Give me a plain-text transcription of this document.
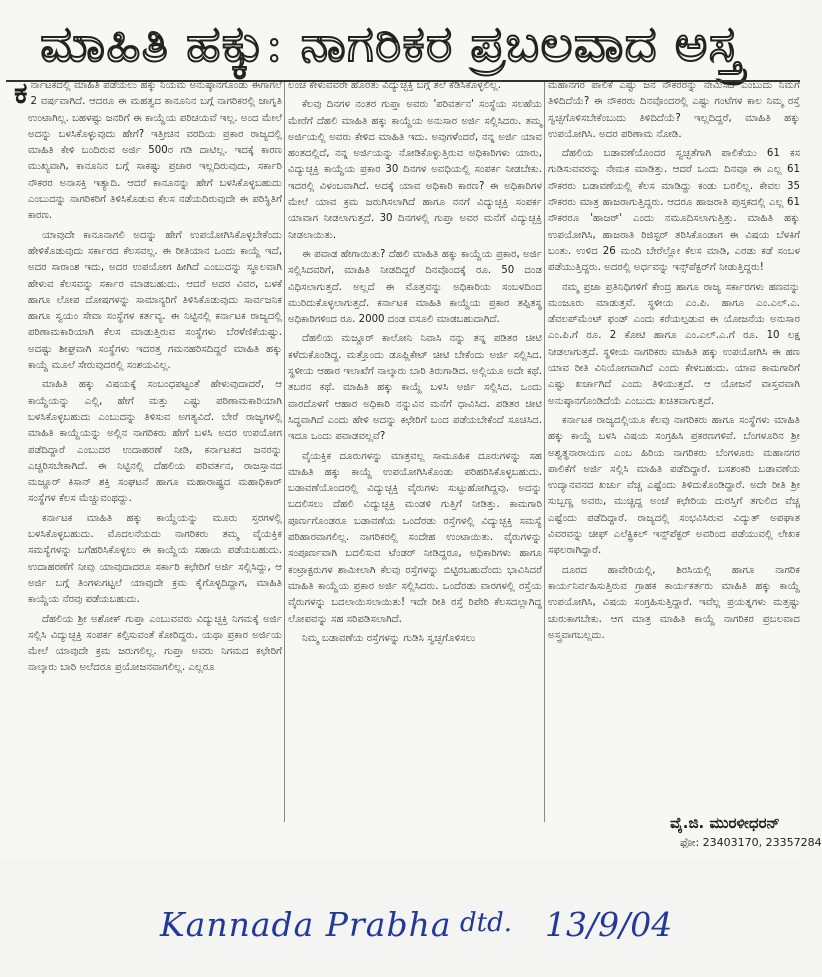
ಮಾಹಿತಿ ಹಕ್ಕು: ನಾಗರಿಕರ ಪ್ರಬಲವಾದ ಅಸ್ತ್ರ

ಕರ್ನಾಟಕದಲ್ಲಿ ಮಾಹಿತಿ ಪಡೆಯಲು ಹಕ್ಕು ನಿಯಮ ಅನುಷ್ಠಾನಗೊಂಡು ಈಗಾಗಲೆ 2 ವರ್ಷವಾಗಿದೆ. ಆದರೂ ಈ ಮಹತ್ವದ ಕಾನೂನಿನ ಬಗ್ಗೆ ನಾಗರಿಕರಲ್ಲಿ ಜಾಗೃತಿ ಉಂಟಾಗಿಲ್ಲ. ಬಹಳಷ್ಟು ಜನರಿಗೆ ಈ ಕಾಯ್ದೆಯ ಪರಿಚಯವೆ ಇಲ್ಲ. ಅಂದ ಮೇಲೆ ಅದನ್ನು ಬಳಸಿಕೊಳ್ಳುವುದು ಹೇಗೆ? ಇತ್ತೀಚಿನ ವರದಿಯ ಪ್ರಕಾರ ರಾಜ್ಯದಲ್ಲಿ ಮಾಹಿತಿ ಕೇಳಿ ಬಂದಿರುವ ಅರ್ಜಿ 500ರ ಗಡಿ ದಾಟಿಲ್ಲ. ಇದಕ್ಕೆ ಕಾರಣ ಮುಖ್ಯವಾಗಿ, ಕಾನೂನಿನ ಬಗ್ಗೆ ಸಾಕಷ್ಟು ಪ್ರಚಾರ ಇಲ್ಲದಿರುವುದು, ಸರ್ಕಾರಿ ನೌಕರರ ಅನಾಸಕ್ತಿ ಇತ್ಯಾದಿ. ಆದರೆ ಕಾನೂನನ್ನು ಹೇಗೆ ಬಳಸಿಕೊಳ್ಳಬಹುದು ಎಂಬುದನ್ನು ನಾಗರಿಕರಿಗೆ ತಿಳಿಸಿಕೊಡುವ ಕೆಲಸ ನಡೆಯದಿರುವುದೇ ಈ ಪರಿಸ್ಥಿತಿಗೆ ಕಾರಣ.

ಯಾವುದೇ ಕಾನೂನಾಗಲಿ ಅದನ್ನು ಹೇಗೆ ಉಪಯೋಗಿಸಿಕೊಳ್ಳಬೇಕೆಂದು ಹೇಳಿಕೊಡುವುದು ಸರ್ಕಾರದ ಕೆಲಸವಲ್ಲ. ಈ ರೀತಿಯಾನ ಒಂದು ಕಾಯ್ದೆ ಇದೆ, ಅದರ ಸಾರಾಂಶ ಇದು, ಅದರ ಉಪಯೋಗ ಹೀಗಿದೆ ಎಂಬುದನ್ನು ಸ್ಥೂಲವಾಗಿ ಹೇಳುವ ಕೆಲಸವನ್ನು ಸರ್ಕಾರ ಮಾಡಬಹುದು. ಆದರೆ ಅದರ ವಿವರ, ಬಳಕೆ ಹಾಗೂ ಲೋಪ ದೋಷಗಳನ್ನು ಸಾಮಾನ್ಯರಿಗೆ ತಿಳಿಸಿಕೊಡುವುದು ಸಾರ್ವಜನಿಕ ಹಾಗೂ ಸ್ವಯಂ ಸೇವಾ ಸಂಸ್ಥೆಗಳ ಕರ್ತವ್ಯ. ಈ ನಿಟ್ಟಿನಲ್ಲಿ ಕರ್ನಾಟಕ ರಾಜ್ಯದಲ್ಲಿ ಪರಿಣಾಮಕಾರಿಯಾಗಿ ಕೆಲಸ ಮಾಡುತ್ತಿರುವ ಸಂಸ್ಥೆಗಳು ಬೆರಳೆಣಿಕೆಯಷ್ಟು. ಅದಷ್ಟು ಶೀಘ್ರವಾಗಿ ಸಂಸ್ಥೆಗಳು ಇದರತ್ತ ಗಮನಹರಿಸದಿದ್ದರೆ ಮಾಹಿತಿ ಹಕ್ಕು ಕಾಯ್ದೆ ಮೂಲೆ ಸೇರುವುದರಲ್ಲಿ ಸಂಶಯವಿಲ್ಲ.

ಮಾಹಿತಿ ಹಕ್ಕು ವಿಷಯಕ್ಕೆ ಸಂಬಂಧಪಟ್ಟಂತೆ ಹೇಳುವುದಾದರೆ, ಆ ಕಾಯ್ದೆಯನ್ನು ಎಲ್ಲಿ, ಹೇಗೆ ಮತ್ತು ಎಷ್ಟು ಪರಿಣಾಮಕಾರಿಯಾಗಿ ಬಳಸಿಕೊಳ್ಳಬಹುದು ಎಂಬುದನ್ನು ತಿಳಿಸುವ ಅಗತ್ಯವಿದೆ. ಬೇರೆ ರಾಜ್ಯಗಳಲ್ಲಿ ಮಾಹಿತಿ ಕಾಯ್ದೆಯನ್ನು ಅಲ್ಲಿನ ನಾಗರಿಕರು ಹೇಗೆ ಬಳಸಿ ಅದರ ಉಪಯೋಗ ಪಡೆದಿದ್ದಾರೆ ಎಂಬುದರ ಉದಾಹರಣೆ ನೀಡಿ, ಕರ್ನಾಟಕದ ಜನರನ್ನು ಎಚ್ಚರಿಸಬೇಕಾಗಿದೆ. ಈ ನಿಟ್ಟಿನಲ್ಲಿ ದೆಹಲಿಯ ಪರಿವರ್ತನ, ರಾಜಸ್ತಾನದ ಮಜ್ದೂರ್ ಕಿಸಾನ್ ಶಕ್ತಿ ಸಂಘಟನೆ ಹಾಗೂ ಮಹಾರಾಷ್ಟ್ರದ ಮಹಾಧಿಕಾರ್ ಸಂಸ್ಥೆಗಳ ಕೆಲಸ ಮೆಚ್ಚುವಂಥದ್ದು.

ಕರ್ನಾಟಕ ಮಾಹಿತಿ ಹಕ್ಕು ಕಾಯ್ದೆಯನ್ನು ಮೂರು ಸ್ತರಗಳಲ್ಲಿ ಬಳಸಿಕೊಳ್ಳಬಹುದು. ಮೊದಲನೆಯದು ನಾಗರಿಕರು ತಮ್ಮ ವೈಯಕ್ತಿಕ ಸಮಸ್ಯೆಗಳನ್ನು ಬಗೆಹರಿಸಿಕೊಳ್ಳಲು ಈ ಕಾಯ್ದೆಯ ಸಹಾಯ ಪಡೆಯಬಹುದು. ಉದಾಹರಣೆಗೆ ನೀವು ಯಾವುದಾದರೂ ಸರ್ಕಾರಿ ಕಛೇರಿಗೆ ಅರ್ಜಿ ಸಲ್ಲಿಸಿದ್ದು, ಆ ಅರ್ಜಿ ಬಗ್ಗೆ ತಿಂಗಳುಗಟ್ಟಲೆ ಯಾವುದೇ ಕ್ರಮ ಕೈಗೊಳ್ಳದಿದ್ದಾಗ, ಮಾಹಿತಿ ಕಾಯ್ದೆಯ ನೆರವು ಪಡೆಯಬಹುದು.

ದೆಹಲಿಯ ಶ್ರೀ ಅಶೋಕ್ ಗುಪ್ತಾ ಎಂಬುವವರು ವಿದ್ಯುಚ್ಛಕ್ತಿ ನಿಗಮಕ್ಕೆ ಅರ್ಜಿ ಸಲ್ಲಿಸಿ ವಿದ್ಯುಚ್ಛಕ್ತಿ ಸಂಪರ್ಕ ಕಲ್ಪಿಸುವಂತೆ ಕೋರಿದ್ದರು. ಯಥಾ ಪ್ರಕಾರ ಅರ್ಜಿಯ ಮೇಲೆ ಯಾವುದೇ ಕ್ರಮ ಜರುಗಲಿಲ್ಲ. ಗುಪ್ತಾ ಅವರು ನಿಗಮದ ಕಛೇರಿಗೆ ನಾಲ್ಕಾರು ಬಾರಿ ಅಲೆದರೂ ಪ್ರಯೋಜನವಾಗಲಿಲ್ಲ. ಎಲ್ಲರೂ

ಲಂಚ ಕೇಳುವವರೇ ಹೊರತು ವಿದ್ಯುಚ್ಛಕ್ತಿ ಬಗ್ಗೆ ತಲೆ ಕೆಡಿಸಿಕೊಳ್ಳಲಿಲ್ಲ.

ಕೆಲವು ದಿನಗಳ ನಂತರ ಗುಪ್ತಾ ಅವರು 'ಪರಿವರ್ತನ' ಸಂಸ್ಥೆಯ ಸಲಹೆಯ ಮೇರೆಗೆ ದೆಹಲಿ ಮಾಹಿತಿ ಹಕ್ಕು ಕಾಯ್ದೆಯ ಅನುಸಾರ ಅರ್ಜಿ ಸಲ್ಲಿಸಿದರು. ತಮ್ಮ ಅರ್ಜಿಯಲ್ಲಿ ಅವರು ಕೇಳಿದ ಮಾಹಿತಿ ಇದು. ಅವುಗಳೆಂದರೆ, ನನ್ನ ಅರ್ಜಿ ಯಾವ ಹಂತದಲ್ಲಿದೆ, ನನ್ನ ಅರ್ಜಿಯನ್ನು ನೋಡಿಕೊಳ್ಳುತ್ತಿರುವ ಅಧಿಕಾರಿಗಳು ಯಾರು, ವಿದ್ಯುಚ್ಛಕ್ತಿ ಕಾಯ್ದೆಯ ಪ್ರಕಾರ 30 ದಿನಗಳ ಅವಧಿಯಲ್ಲಿ ಸಂಪರ್ಕ ನೀಡಬೇಕು. ಇದರಲ್ಲಿ ವಿಳಂಬವಾಗಿದೆ. ಅದಕ್ಕೆ ಯಾವ ಅಧಿಕಾರಿ ಕಾರಣ? ಈ ಅಧಿಕಾರಿಗಳ ಮೇಲೆ ಯಾವ ಕ್ರಮ ಜರುಗಿಸಲಾಗಿದೆ ಹಾಗೂ ನನಗೆ ವಿದ್ಯುಚ್ಛಕ್ತಿ ಸಂಪರ್ಕ ಯಾವಾಗ ನೀಡಲಾಗುತ್ತದೆ. 30 ದಿನಗಳಲ್ಲಿ ಗುಪ್ತಾ ಅವರ ಮನೆಗೆ ವಿದ್ಯುಚ್ಛಕ್ತಿ ನೀಡಲಾಯಿತು.

ಈ ಪವಾಡ ಹೇಗಾಯಿತು? ದೆಹಲಿ ಮಾಹಿತಿ ಹಕ್ಕು ಕಾಯ್ದೆಯ ಪ್ರಕಾರ, ಅರ್ಜಿ ಸಲ್ಲಿಸಿದವರಿಗೆ, ಮಾಹಿತಿ ನೀಡದಿದ್ದರೆ ದಿನವೊಂದಕ್ಕೆ ರೂ. 50 ದಂಡ ವಿಧಿಸಲಾಗುತ್ತದೆ. ಅಲ್ಲದೆ ಈ ಮೊತ್ತವನ್ನು ಅಧಿಕಾರಿಯ ಸಂಬಳದಿಂದ ಮುರಿದುಕೊಳ್ಳಲಾಗುತ್ತದೆ. ಕರ್ನಾಟಕ ಮಾಹಿತಿ ಕಾಯ್ದೆಯ ಪ್ರಕಾರ ತಪ್ಪಿತಸ್ಥ ಅಧಿಕಾರಿಗಳಿಂದ ರೂ. 2000 ದಂಡ ವಸೂಲಿ ಮಾಡಬಹುದಾಗಿದೆ.

ದೆಹಲಿಯ ಮಜ್ದೂರ್ ಕಾಲೋನಿ ನಿವಾಸಿ ನನ್ನು ತನ್ನ ಪಡಿತರ ಚೀಟಿ ಕಳೆದುಕೊಂಡಿದ್ದ. ಮತ್ತೊಂದು ಡೂಪ್ಲಿಕೇಟ್ ಚೀಟಿ ಬೇಕೆಂದು ಅರ್ಜಿ ಸಲ್ಲಿಸಿದ. ಸ್ಥಳೀಯ ಆಹಾರ ಇಲಾಖೆಗೆ ನಾಲ್ಕಾರು ಬಾರಿ ತಿರುಗಾಡಿದ. ಅಲ್ಲಿಯೂ ಅದೇ ಕಥೆ. ತಬರನ ಕಥೆ. ಮಾಹಿತಿ ಹಕ್ಕು ಕಾಯ್ದೆ ಬಳಸಿ ಅರ್ಜಿ ಸಲ್ಲಿಸಿದ. ಒಂದು ವಾರದೊಳಗೆ ಆಹಾರ ಅಧಿಕಾರಿ ನನ್ನುವಿನ ಮನೆಗೆ ಧಾವಿಸಿದ. ಪಡಿತರ ಚೀಟಿ ಸಿದ್ಧವಾಗಿದೆ ಎಂದು ಹೇಳಿ ಅದನ್ನು ಕಛೇರಿಗೆ ಬಂದ ಪಡೆಯಬೇಕೆಂದೆ ಸೂಚಿಸಿದ. ಇದೂ ಒಂದು ಪವಾಡವಲ್ಲವೆ?

ವೈಯಕ್ತಿಕ ದೂರುಗಳನ್ನು ಮಾತ್ರವಲ್ಲ ಸಾಮೂಹಿಕ ದೂರುಗಳನ್ನು ಸಹ ಮಾಹಿತಿ ಹಕ್ಕು ಕಾಯ್ದೆ ಉಪಯೋಗಿಸಿಕೊಂಡು ಪರಿಹರಿಸಿಕೊಳ್ಳಬಹುದು. ಬಡಾವಣೆಯೊಂದರಲ್ಲಿ ವಿದ್ಯುಚ್ಛಕ್ತಿ ವೈರುಗಳು ಸುಟ್ಟುಹೋಗಿದ್ದವು. ಅದನ್ನು ಬದಲಿಸಲು ದೆಹಲಿ ವಿದ್ಯುಚ್ಛಕ್ತಿ ಮಂಡಳಿ ಗುತ್ತಿಗೆ ನೀಡಿತ್ತು. ಕಾಮಗಾರಿ ಪೂರ್ಣಗೊಂಡರೂ ಬಡಾವಣೆಯ ಒಂದೆರಡು ರಸ್ತೆಗಳಲ್ಲಿ ವಿದ್ಯುಚ್ಛಕ್ತಿ ಸಮಸ್ಯೆ ಪರಿಹಾರವಾಗಲಿಲ್ಲ. ನಾಗರಿಕರಲ್ಲಿ ಸಂದೇಹ ಉಂಟಾಯಿತು. ವೈರುಗಳನ್ನು ಸಂಪೂರ್ಣವಾಗಿ ಬದಲಿಸುವ ಟೆಂಡರ್ ನೀಡಿದ್ದರೂ, ಅಧಿಕಾರಿಗಳು ಹಾಗೂ ಕಂಟ್ರಾಕ್ಟರುಗಳ ಶಾಮೀಲಾಗಿ ಕೆಲವು ರಸ್ತೆಗಳನ್ನು ಬಿಟ್ಟಿರಬಹುದೆಂದು ಭಾವಿಸಿದರೆ ಮಾಹಿತಿ ಕಾಯ್ದೆಯ ಪ್ರಕಾರ ಅರ್ಜಿ ಸಲ್ಲಿಸಿದರು. ಒಂದೆರಡು ವಾರಗಳಲ್ಲಿ ರಸ್ತೆಯ ವೈರುಗಳನ್ನು ಬದಲಾಯಿಸಲಾಯಿತು! ಇದೇ ರೀತಿ ರಸ್ತೆ ರಿಪೇರಿ ಕೆಲಸದಲ್ಲಾಗಿದ್ದ ಲೋಪವನ್ನು ಸಹ ಸರಿಪಡಿಸಲಾಗಿದೆ.

ನಿಮ್ಮ ಬಡಾವಣೆಯ ರಸ್ತೆಗಳನ್ನು ಗುಡಿಸಿ ಸ್ವಚ್ಛಗೊಳಿಸಲು

ಮಹಾನಗರ ಪಾಲಿಕೆ ಎಷ್ಟು ಜನ ನೌಕರರನ್ನು ನೇಮಿಸಿದೆ ಎಂಬುದು ನಿಮಗೆ ತಿಳಿದಿದೆಯೆ? ಈ ನೌಕರರು ದಿನವೊಂದರಲ್ಲಿ ಎಷ್ಟು ಗಂಟೆಗಳ ಕಾಲ ನಿಮ್ಮ ರಸ್ತೆ ಸ್ವಚ್ಛಗೊಳಿಸಬೇಕೆಂಬುದು ತಿಳಿದಿದೆಯೆ? ಇಲ್ಲದಿದ್ದರೆ, ಮಾಹಿತಿ ಹಕ್ಕು ಉಪಯೋಗಿಸಿ. ಅದರ ಪರಿಣಾಮ ನೋಡಿ.

ದೆಹಲಿಯ ಬಡಾವಣೆಯೊಂದರ ಸ್ವಚ್ಛತೆಗಾಗಿ ಪಾಲಿಕೆಯು 61 ಕಸ ಗುಡಿಸುವವರನ್ನು ನೇಮಕ ಮಾಡಿತ್ತು. ಆದರೆ ಒಂದು ದಿನವೂ ಈ ಎಲ್ಲ 61 ನೌಕರರು ಬಡಾವಣೆಯಲ್ಲಿ ಕೆಲಸ ಮಾಡಿದ್ದು ಕಂಡು ಬರಲಿಲ್ಲ. ಕೇವಲ 35 ನೌಕರರು ಮಾತ್ರ ಹಾಜರಾಗುತ್ತಿದ್ದರು. ಆದರೂ ಹಾಜರಾತಿ ಪುಸ್ತಕದಲ್ಲಿ ಎಲ್ಲ 61 ನೌಕರರೂ 'ಹಾಜರ್' ಎಂದು ನಮೂದಿಸಲಾಗುತ್ತಿತ್ತು. ಮಾಹಿತಿ ಹಕ್ಕು ಉಪಯೋಗಿಸಿ, ಹಾಜರಾತಿ ರಿಜಿಸ್ಟರ್ ತರಿಸಿಕೊಂಡಾಗ ಈ ವಿಷಯ ಬೆಳಕಿಗೆ ಬಂತು. ಉಳಿದ 26 ಮಂದಿ ಬೇರೆಲ್ಲೋ ಕೆಲಸ ಮಾಡಿ, ಎರಡು ಕಡೆ ಸಂಬಳ ಪಡೆಯುತ್ತಿದ್ದರು. ಅದರಲ್ಲಿ ಅರ್ಧವನ್ನು ಇನ್ಸ್‌ಪೆಕ್ಟರ್‌ಗೆ ನೀಡುತ್ತಿದ್ದರು!

ನಮ್ಮ ಪ್ರಜಾ ಪ್ರತಿನಿಧಿಗಳಿಗೆ ಕೇಂದ್ರ ಹಾಗೂ ರಾಜ್ಯ ಸರ್ಕಾರಗಳು ಹಣವನ್ನು ಮಂಜೂರು ಮಾಡುತ್ತವೆ. ಸ್ಥಳೀಯ ಎಂ.ಪಿ. ಹಾಗೂ ಎಂ.ಎಲ್.ಎ. ಡೆವಲಪ್‌ಮೆಂಟ್ ಫಂಡ್ ಎಂದು ಕರೆಯಲ್ಪಡುವ ಈ ಯೋಜನೆಯ ಅನುಸಾರ ಎಂ.ಪಿ.ಗೆ ರೂ. 2 ಕೋಟಿ ಹಾಗೂ ಎಂ.ಎಲ್.ಎ.ಗೆ ರೂ. 10 ಲಕ್ಷ ನೀಡಲಾಗುತ್ತದೆ. ಸ್ಥಳೀಯ ನಾಗರಿಕರು ಮಾಹಿತಿ ಹಕ್ಕು ಉಪಯೋಗಿಸಿ ಈ ಹಣ ಯಾವ ರೀತಿ ವಿನಿಯೋಗವಾಗಿದೆ ಎಂದು ಕೇಳಬಹುದು. ಯಾವ ಕಾಮಗಾರಿಗೆ ಎಷ್ಟು ಖರ್ಚಾಗಿದೆ ಎಂದು ತಿಳಿಯುತ್ತದೆ. ಆ ಯೋಜನೆ ವಾಸ್ತವವಾಗಿ ಅನುಷ್ಠಾನಗೊಂಡಿದೆಯೆ ಎಂಬುದು ಖಚಿತವಾಗುತ್ತದೆ.

ಕರ್ನಾಟಕ ರಾಜ್ಯದಲ್ಲಿಯೂ ಕೆಲವು ನಾಗರಿಕರು ಹಾಗೂ ಸಂಸ್ಥೆಗಳು ಮಾಹಿತಿ ಹಕ್ಕು ಕಾಯ್ದೆ ಬಳಸಿ ವಿಷಯ ಸಂಗ್ರಹಿಸಿ ಪ್ರಕರಣಗಳಿವೆ. ಬೆಂಗಳೂರಿನ ಶ್ರೀ ಅಶ್ವತ್ಥನಾರಾಯಣ ಎಂಬ ಹಿರಿಯ ನಾಗರಿಕರು ಬೆಂಗಳೂರು ಮಹಾನಗರ ಪಾಲಿಕೆಗೆ ಅರ್ಜಿ ಸಲ್ಲಿಸಿ ಮಾಹಿತಿ ಪಡೆದಿದ್ದಾರೆ. ಬಸಶಂಕರಿ ಬಡಾವಣೆಯ ಉದ್ಯಾನವನದ ಖರ್ಚು ವೆಚ್ಚ ಎಷ್ಟೆಂದು ತಿಳಿದುಕೊಂಡಿದ್ದಾರೆ. ಅದೇ ರೀತಿ ಶ್ರೀ ಸುಬ್ಬಣ್ಣ ಅವರು, ಮುಚ್ಚಿದ್ದ ಅಂಚೆ ಕಛೇರಿಯ ದುರಸ್ತಿಗೆ ತಗುಲಿದ ವೆಚ್ಚ ಎಷ್ಟೆಂದು ಪಡೆದಿದ್ದಾರೆ. ರಾಜ್ಯದಲ್ಲಿ ಸಂಭವಿಸಿರುವ ವಿದ್ಯುತ್ ಅಪಘಾತ ವಿವರವನ್ನು ಚೀಫ್ ಎಲೆಕ್ಟ್ರಿಕಲ್ ಇನ್ಸ್‌ಪೆಕ್ಟರ್ ಅವರಿಂದ ಪಡೆಯುವಲ್ಲಿ ಲೇಖಕ ಸಫಲರಾಗಿದ್ದಾರೆ.

ದೂರದ ಹಾವೇರಿಯಲ್ಲಿ, ಶಿರಸಿಯಲ್ಲಿ ಹಾಗೂ ನಾಗರಿಕ ಕಾರ್ಯನಿರ್ವಹಿಸುತ್ತಿರುವ ಗ್ರಾಹಕ ಕಾರ್ಯಕರ್ತರು ಮಾಹಿತಿ ಹಕ್ಕು ಕಾಯ್ದೆ ಉಪಯೋಗಿಸಿ, ವಿಷಯ ಸಂಗ್ರಹಿಸುತ್ತಿದ್ದಾರೆ. ಇವೆಲ್ಲ ಪ್ರಯತ್ನಗಳು ಮತ್ತಷ್ಟು ಚುರುಕಾಗಬೇಕು. ಆಗ ಮಾತ್ರ ಮಾಹಿತಿ ಕಾಯ್ದೆ ನಾಗರಿಕರ ಪ್ರಬಲವಾದ ಅಸ್ತ್ರವಾಗಬಲ್ಲದು.

ವೈ.ಜಿ. ಮುರಳೀಧರನ್

ಫೋ: 23403170, 23357284

Kannada Prabha dtd. 13/9/04
